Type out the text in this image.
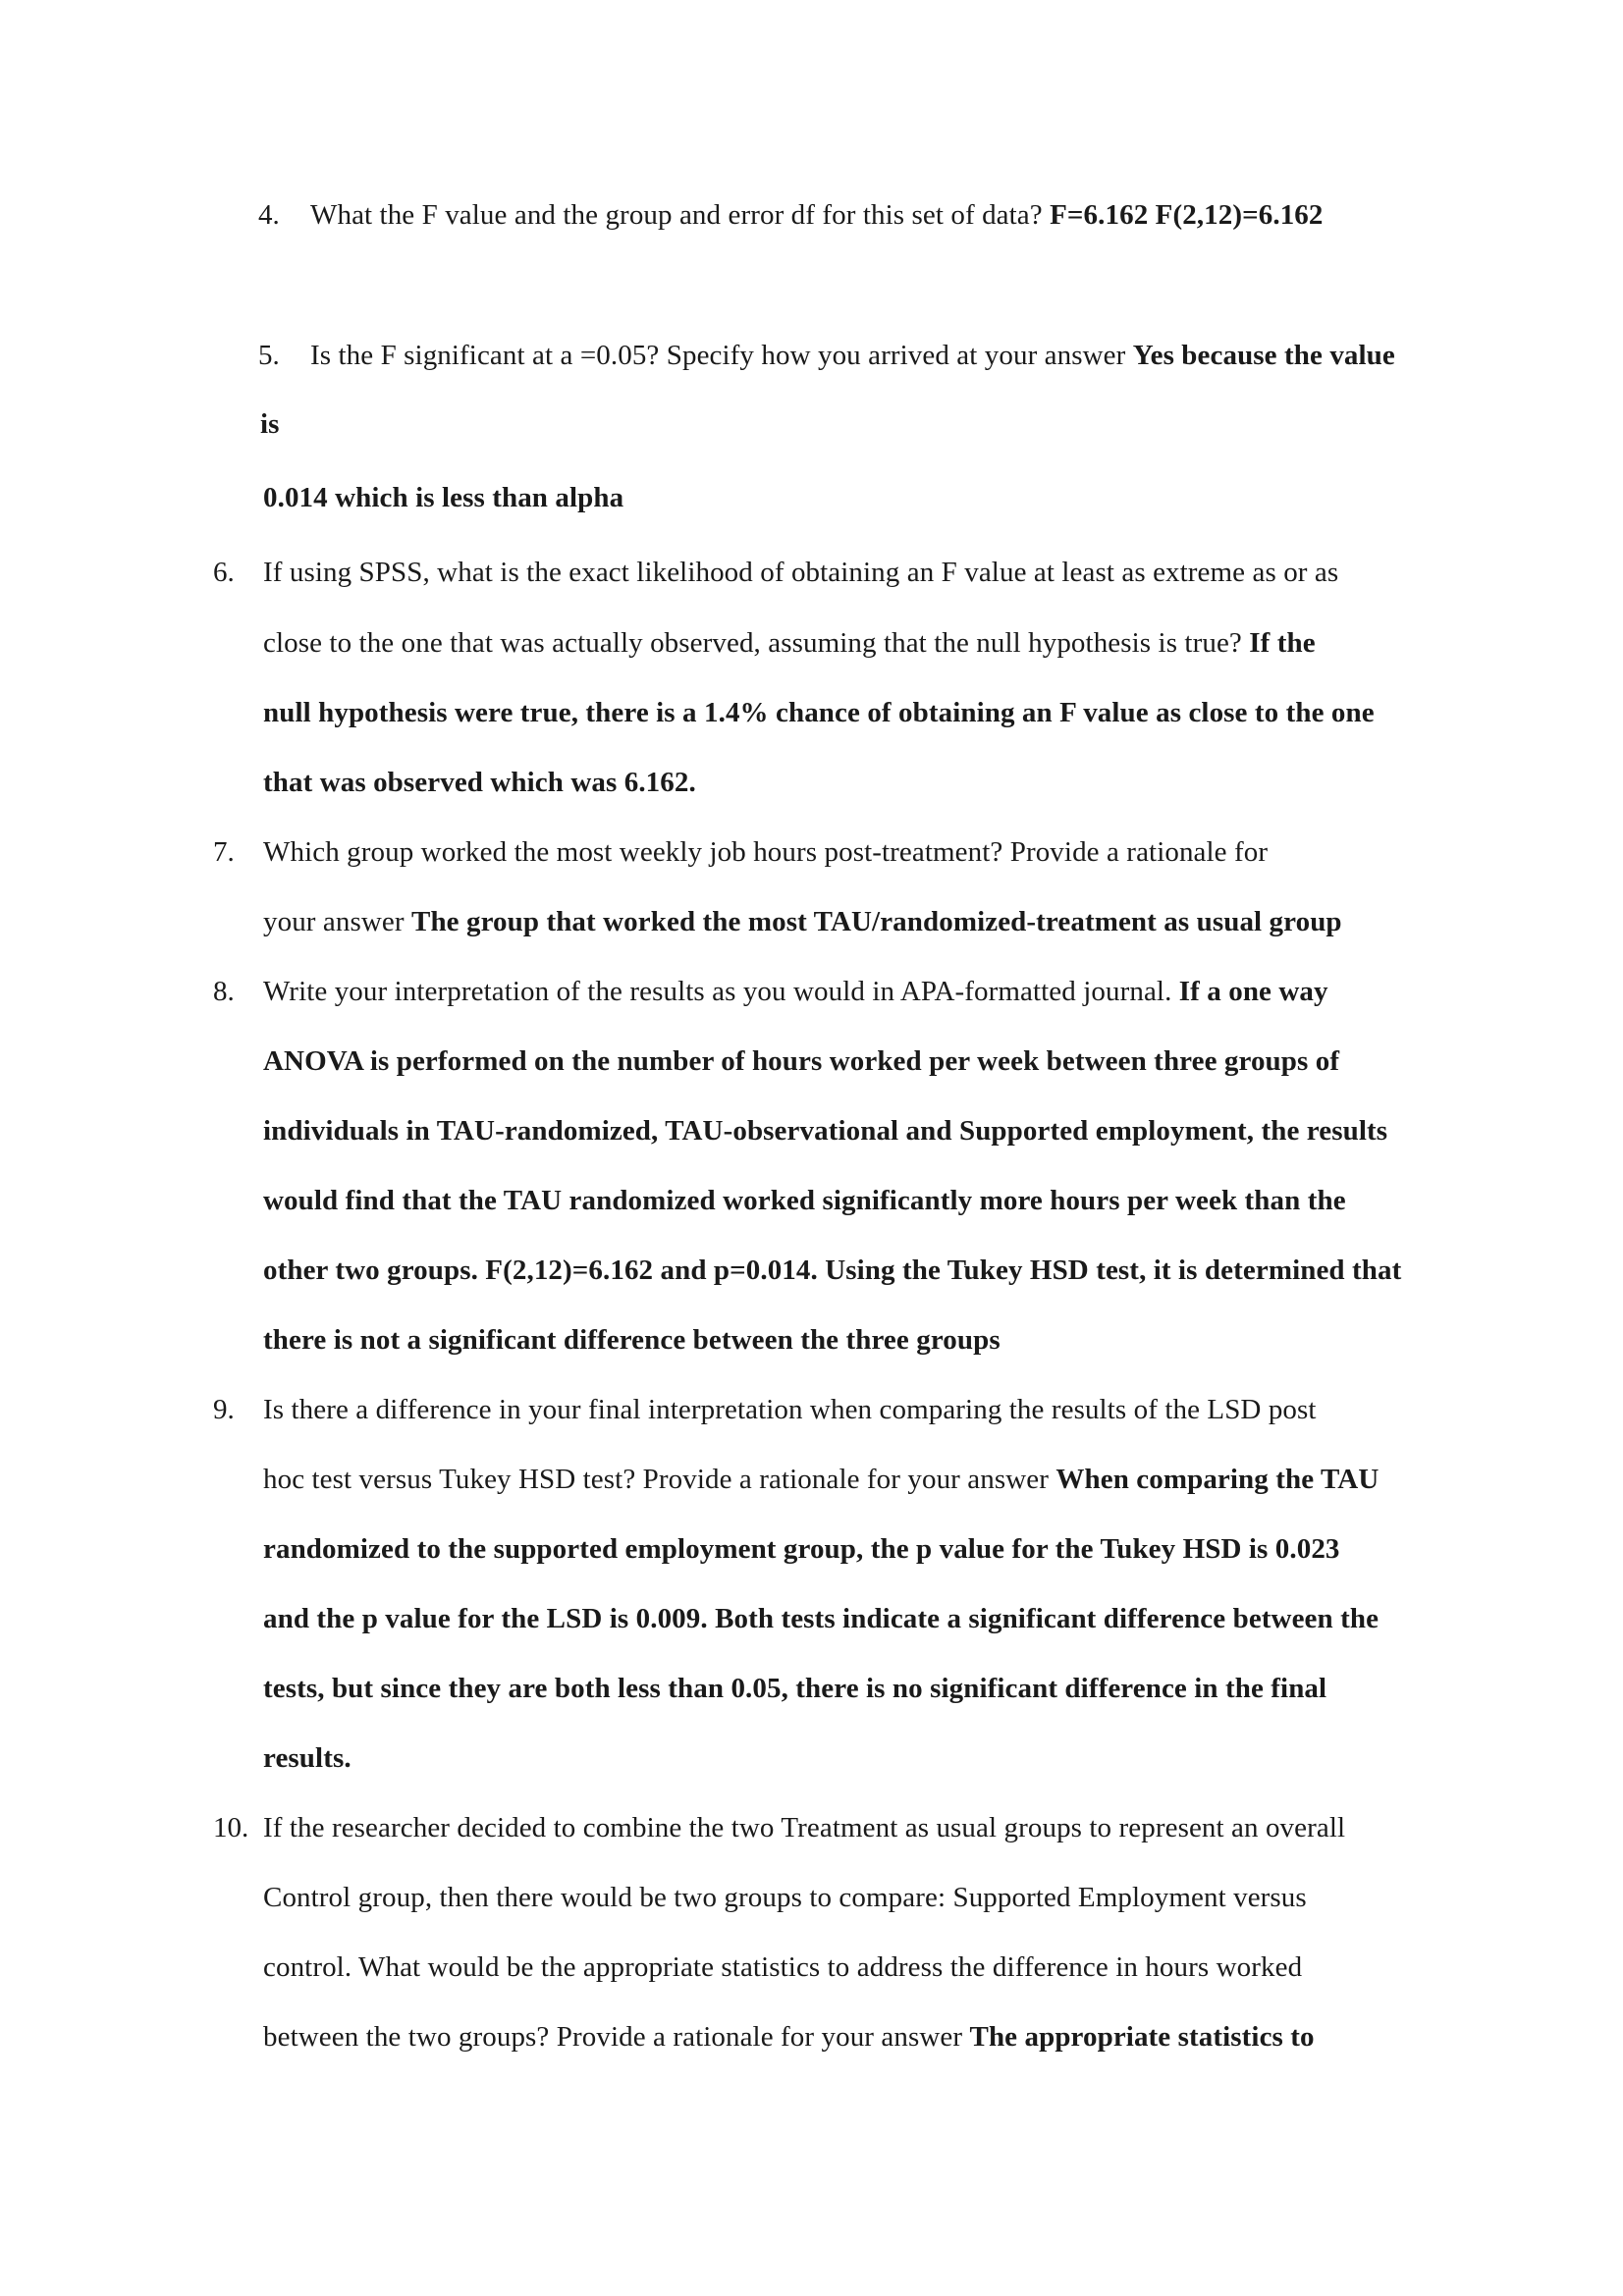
4. What the F value and the group and error df for this set of data? F=6.162 F(2,12)=6.162
5. Is the F significant at a =0.05? Specify how you arrived at your answer Yes because the value
is
0.014 which is less than alpha
6. If using SPSS, what is the exact likelihood of obtaining an F value at least as extreme as or as
close to the one that was actually observed, assuming that the null hypothesis is true? If the
null hypothesis were true, there is a 1.4% chance of obtaining an F value as close to the one
that was observed which was 6.162.
7. Which group worked the most weekly job hours post-treatment? Provide a rationale for
your answer The group that worked the most TAU/randomized-treatment as usual group
8. Write your interpretation of the results as you would in APA-formatted journal. If a one way
ANOVA is performed on the number of hours worked per week between three groups of
individuals in TAU-randomized, TAU-observational and Supported employment, the results
would find that the TAU randomized worked significantly more hours per week than the
other two groups. F(2,12)=6.162 and p=0.014. Using the Tukey HSD test, it is determined that
there is not a significant difference between the three groups
9. Is there a difference in your final interpretation when comparing the results of the LSD post
hoc test versus Tukey HSD test? Provide a rationale for your answer When comparing the TAU
randomized to the supported employment group, the p value for the Tukey HSD is 0.023
and the p value for the LSD is 0.009. Both tests indicate a significant difference between the
tests, but since they are both less than 0.05, there is no significant difference in the final
results.
10. If the researcher decided to combine the two Treatment as usual groups to represent an overall
Control group, then there would be two groups to compare: Supported Employment versus
control. What would be the appropriate statistics to address the difference in hours worked
between the two groups? Provide a rationale for your answer The appropriate statistics to
